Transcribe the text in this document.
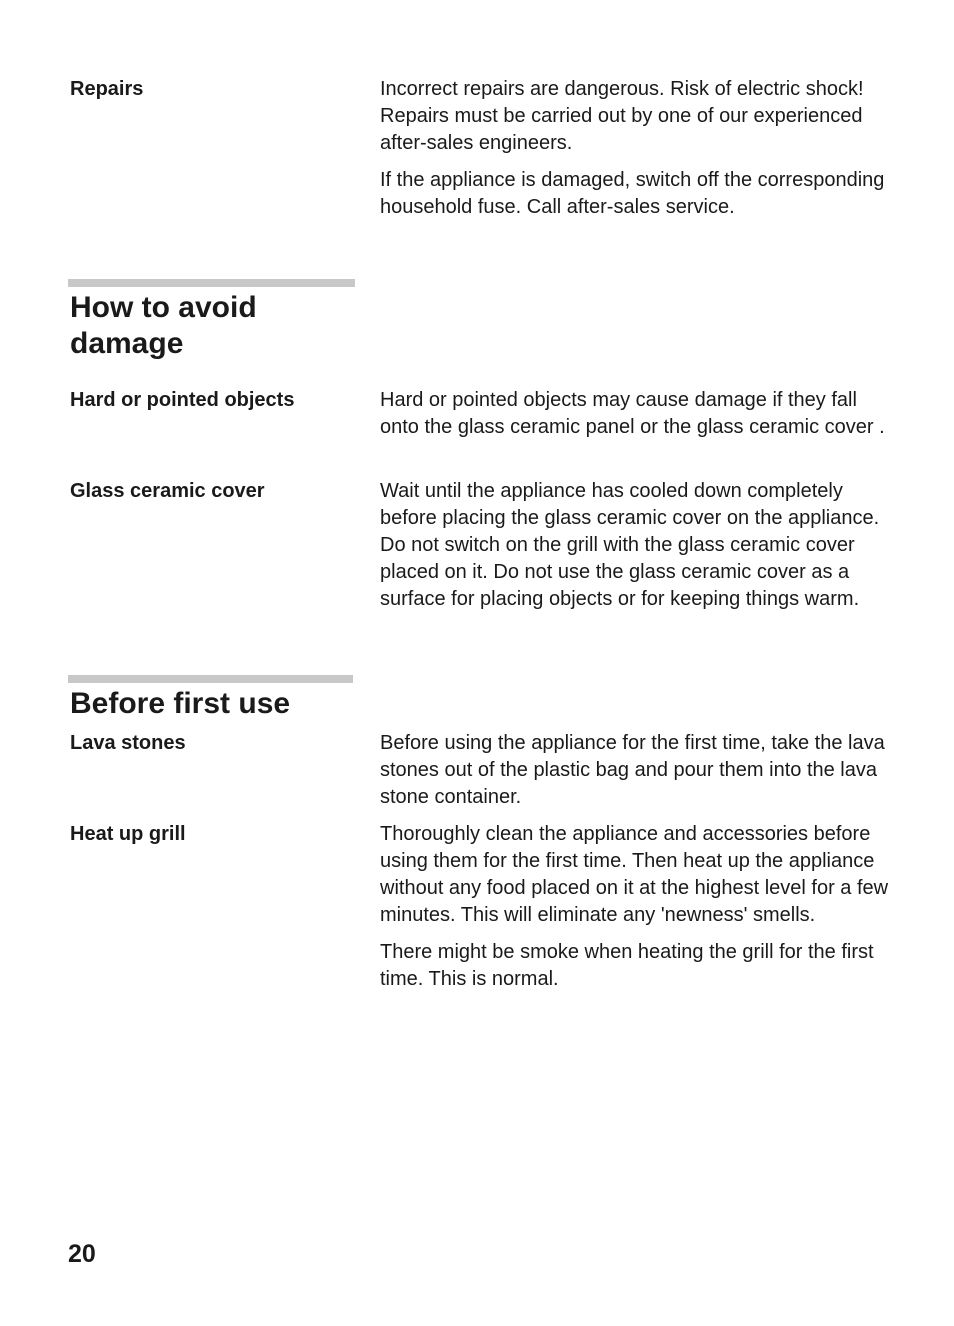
Repairs	Incorrect repairs are dangerous. Risk of electric shock! Repairs must be carried out by one of our experienced after-sales engineers.

If the appliance is damaged, switch off the corresponding household fuse. Call after-sales service.

How to avoid
damage
Hard or pointed objects	Hard or pointed objects may cause damage if they fall onto the glass ceramic panel or the glass ceramic cover .

Glass ceramic cover	Wait until the appliance has cooled down completely before placing the glass ceramic cover on the appliance. Do not switch on the grill with the glass ceramic cover placed on it. Do not use the glass ceramic cover as a surface for placing objects or for keeping things warm.

Before first use
Lava stones	Before using the appliance for the first time, take the lava stones out of the plastic bag and pour them into the lava stone container.

Heat up grill	Thoroughly clean the appliance and accessories before using them for the first time. Then heat up the appliance without any food placed on it at the highest level for a few minutes. This will eliminate any 'newness' smells.

There might be smoke when heating the grill for the first time. This is normal.

20
